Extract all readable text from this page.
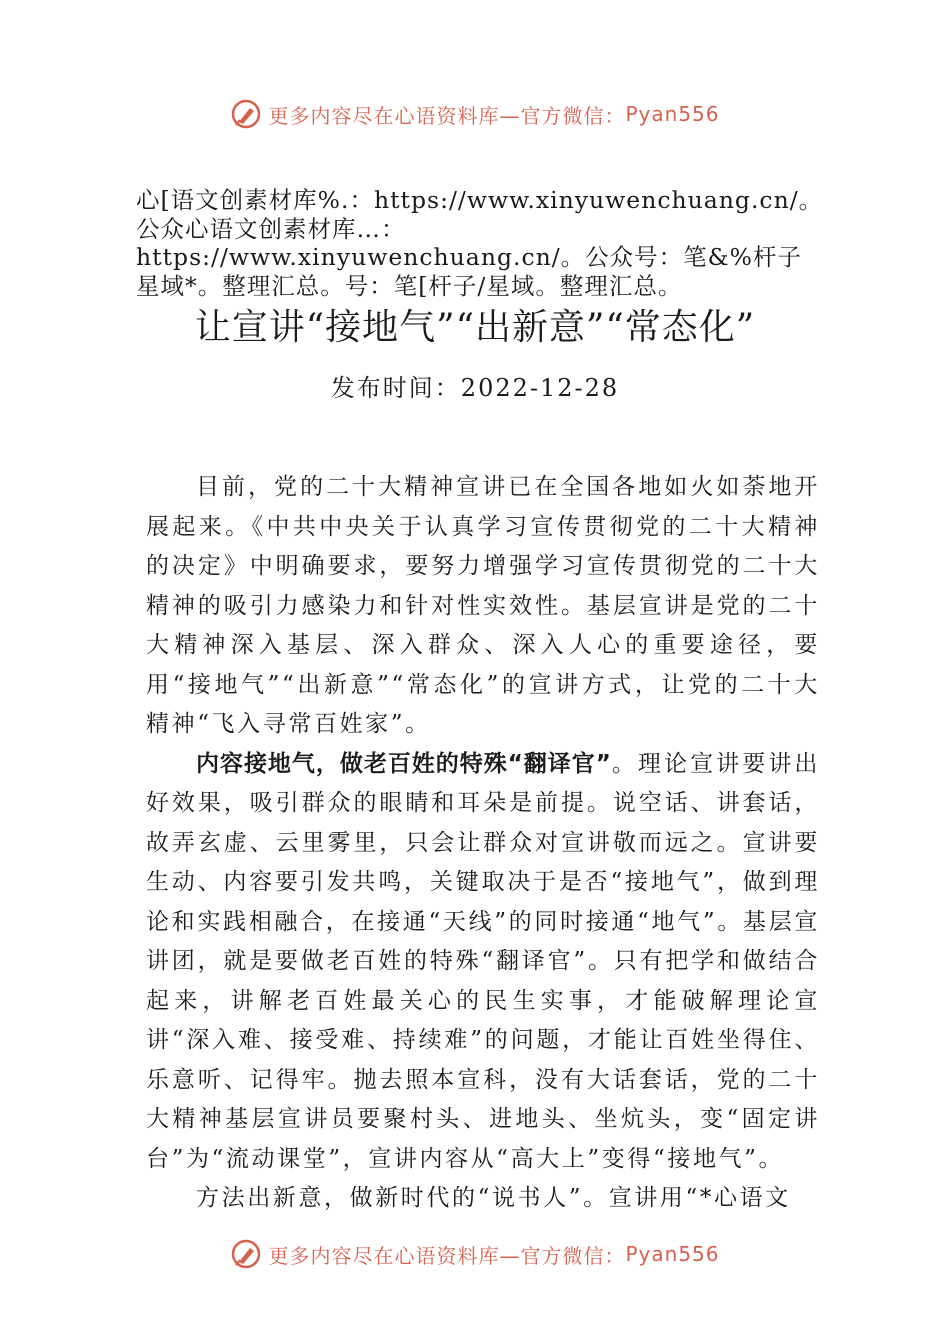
更多内容尽在心语资料库—官方微信： Pyan556
心[语文创素材库%.：https://www.xinyuwenchuang.cn/。公众心语文创素材库…：https://www.xinyuwenchuang.cn/。公众号：笔&%杆子星域*。整理汇总。号：笔[杆子/星域。整理汇总。
让宣讲“接地气”“出新意”“常态化”
发布时间：2022-12-28

目前，党的二十大精神宣讲已在全国各地如火如荼地开展起来。《中共中央关于认真学习宣传贯彻党的二十大精神 的决定》中明确要求，要努力增强学习宣传贯彻党的二十大精神的吸引力感染力和针对性实效性。基层宣讲是党的二十大精神深入基层、深入群众、深入人心的重要途径，要用“接地气”“出新意”“常态化”的宣讲方式，让党的二十大精神“飞入寻常百姓家”。

内容接地气，做老百姓的特殊“翻译官”。理论宣讲要讲出好效果，吸引群众的眼睛和耳朵是前提。说空话、讲套话，故弄玄虚、云里雾里，只会让群众对宣讲敬而远之。宣讲要生动、内容要引发共鸣，关键取决于是否“接地气”，做到理论和实践相融合，在接通“天线”的同时接通“地气”。基层宣讲团，就是要做老百姓的特殊“翻译官”。只有把学和做结合起来，讲解老百姓最关心的民生实事，才能破解理论宣讲“深入难、接受难、持续难”的问题，才能让百姓坐得住、 乐意听、记得牢。抛去照本宣科，没有大话套话，党的二十大精神基层宣讲员要聚村头、进地头、坐炕头，变“固定讲台”为“流动课堂”，宣讲内容从“高大上”变得“接地气”。

方法出新意，做新时代的“说书人”。宣讲用“*心语文

更多内容尽在心语资料库—官方微信： Pyan556
